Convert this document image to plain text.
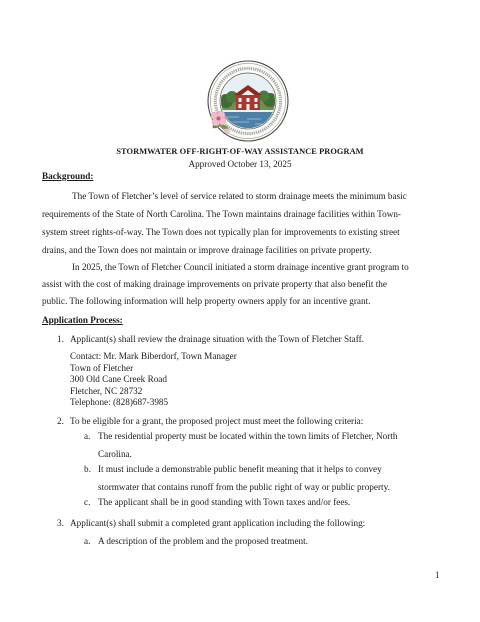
STORMWATER OFF-RIGHT-OF-WAY ASSISTANCE PROGRAM
Approved October 13, 2025
Background:
The Town of Fletcher’s level of service related to storm drainage meets the minimum basic
requirements of the State of North Carolina. The Town maintains drainage facilities within Town-
system street rights-of-way. The Town does not typically plan for improvements to existing street
drains, and the Town does not maintain or improve drainage facilities on private property.
In 2025, the Town of Fletcher Council initiated a storm drainage incentive grant program to
assist with the cost of making drainage improvements on private property that also benefit the
public. The following information will help property owners apply for an incentive grant.
Application Process:
1. Applicant(s) shall review the drainage situation with the Town of Fletcher Staff.
Contact: Mr. Mark Biberdorf, Town Manager
Town of Fletcher
300 Old Cane Creek Road
Fletcher, NC 28732
Telephone: (828)687-3985
2. To be eligible for a grant, the proposed project must meet the following criteria:
a. The residential property must be located within the town limits of Fletcher, North
Carolina.
b. It must include a demonstrable public benefit meaning that it helps to convey
stormwater that contains runoff from the public right of way or public property.
c. The applicant shall be in good standing with Town taxes and/or fees.
3. Applicant(s) shall submit a completed grant application including the following:
a. A description of the problem and the proposed treatment.
1
